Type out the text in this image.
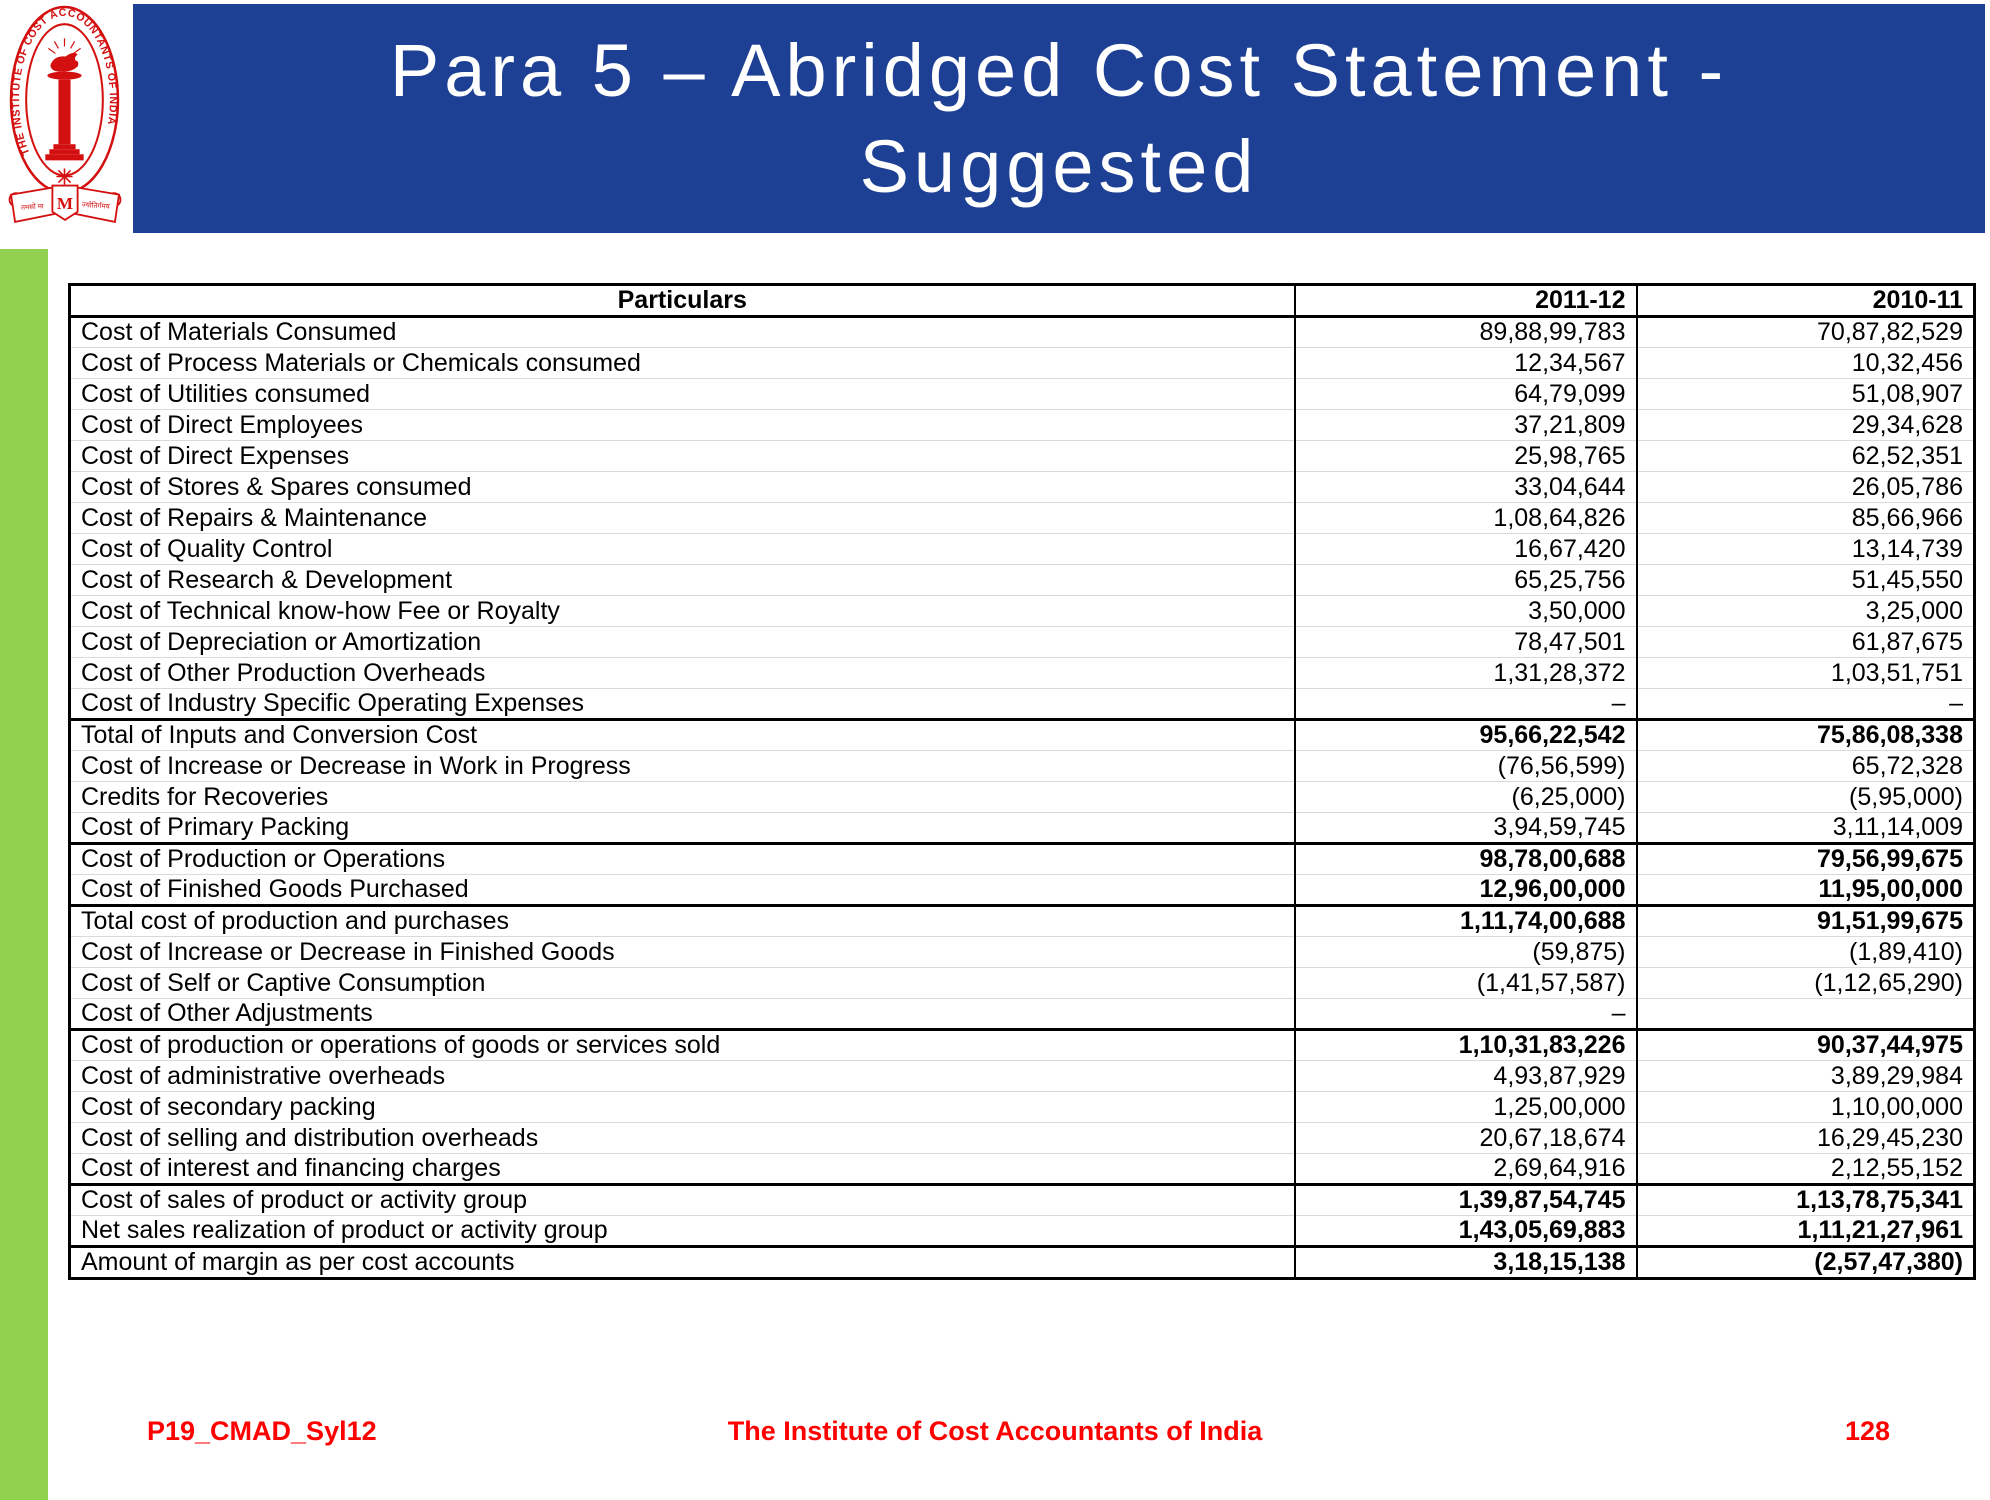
THE INSTITUTE OF COST ACCOUNTANTS OF INDIA
तमसो मा	ज्योतिर्गमय
M
Para 5 – Abridged Cost Statement -
Suggested
Particulars	2011-12	2010-11
Cost of Materials Consumed	89,88,99,783	70,87,82,529
Cost of Process Materials or Chemicals consumed	12,34,567	10,32,456
Cost of Utilities consumed	64,79,099	51,08,907
Cost of Direct Employees	37,21,809	29,34,628
Cost of Direct Expenses	25,98,765	62,52,351
Cost of Stores & Spares consumed	33,04,644	26,05,786
Cost of Repairs & Maintenance	1,08,64,826	85,66,966
Cost of Quality Control	16,67,420	13,14,739
Cost of Research & Development	65,25,756	51,45,550
Cost of Technical know-how Fee or Royalty	3,50,000	3,25,000
Cost of Depreciation or Amortization	78,47,501	61,87,675
Cost of Other Production Overheads	1,31,28,372	1,03,51,751
Cost of Industry Specific Operating Expenses	–	–
Total of Inputs and Conversion Cost	95,66,22,542	75,86,08,338
Cost of Increase or Decrease in Work in Progress	(76,56,599)	65,72,328
Credits for Recoveries	(6,25,000)	(5,95,000)
Cost of Primary Packing	3,94,59,745	3,11,14,009
Cost of Production or Operations	98,78,00,688	79,56,99,675
Cost of Finished Goods Purchased	12,96,00,000	11,95,00,000
Total cost of production and purchases	1,11,74,00,688	91,51,99,675
Cost of Increase or Decrease in Finished Goods	(59,875)	(1,89,410)
Cost of Self or Captive Consumption	(1,41,57,587)	(1,12,65,290)
Cost of Other Adjustments	–	
Cost of production or operations of goods or services sold	1,10,31,83,226	90,37,44,975
Cost of administrative overheads	4,93,87,929	3,89,29,984
Cost of secondary packing	1,25,00,000	1,10,00,000
Cost of selling and distribution overheads	20,67,18,674	16,29,45,230
Cost of interest and financing charges	2,69,64,916	2,12,55,152
Cost of sales of product or activity group	1,39,87,54,745	1,13,78,75,341
Net sales realization of product or activity group	1,43,05,69,883	1,11,21,27,961
Amount of margin as per cost accounts	3,18,15,138	(2,57,47,380)
P19_CMAD_Syl12	The Institute of Cost Accountants of India	128
